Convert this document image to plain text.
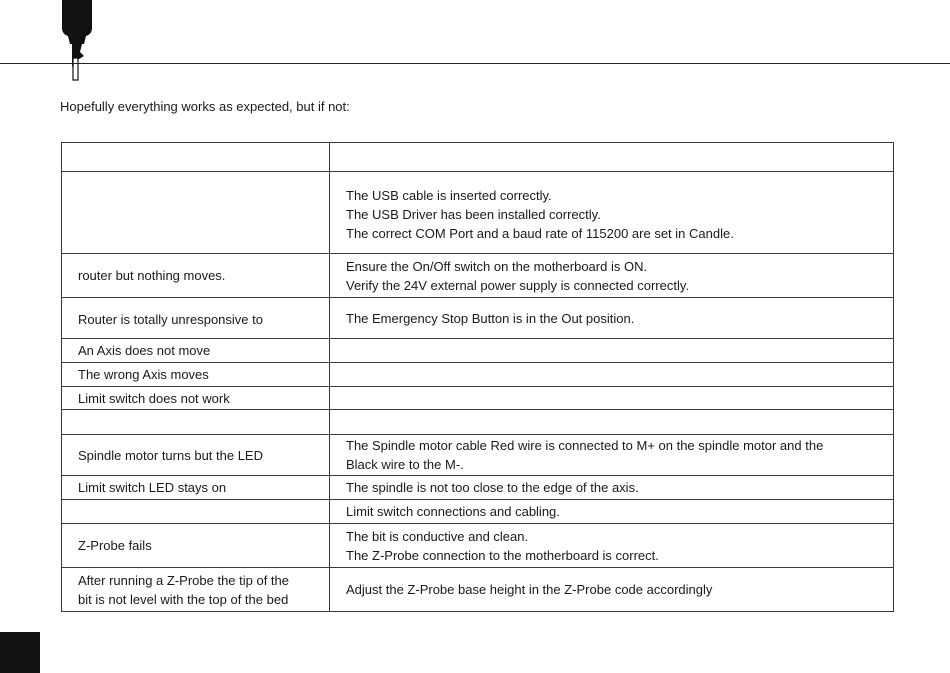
Hopefully everything works as expected, but if not:

	The USB cable is inserted correctly.
The USB Driver has been installed correctly.
The correct COM Port and a baud rate of 115200 are set in Candle.

router but nothing moves.	Ensure the On/Off switch on the motherboard is ON.
Verify the 24V external power supply is connected correctly.

Router is totally unresponsive to	The Emergency Stop Button is in the Out position.

An Axis does not move	

The wrong Axis moves	

Limit switch does not work	

Spindle motor turns but the LED	The Spindle motor cable Red wire is connected to M+ on the spindle motor and the
Black wire to the M-.

Limit switch LED stays on	The spindle is not too close to the edge of the axis.

	Limit switch connections and cabling.

Z-Probe fails	The bit is conductive and clean.
The Z-Probe connection to the motherboard is correct.

After running a Z-Probe the tip of the
bit is not level with the top of the bed	Adjust the Z-Probe base height in the Z-Probe code accordingly
